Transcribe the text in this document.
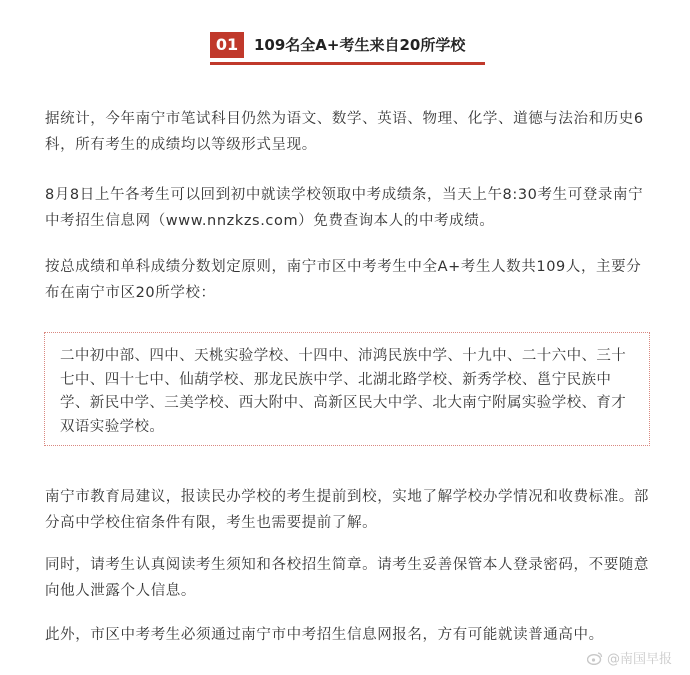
01	109名全A+考生来自20所学校

据统计，今年南宁市笔试科目仍然为语文、数学、英语、物理、化学、道德与法治和历史6科，所有考生的成绩均以等级形式呈现。

8月8日上午各考生可以回到初中就读学校领取中考成绩条，当天上午8:30考生可登录南宁中考招生信息网（www.nnzkzs.com）免费查询本人的中考成绩。

按总成绩和单科成绩分数划定原则，南宁市区中考考生中全A+考生人数共109人，主要分布在南宁市区20所学校：

二中初中部、四中、天桃实验学校、十四中、沛鸿民族中学、十九中、二十六中、三十七中、四十七中、仙葫学校、那龙民族中学、北湖北路学校、新秀学校、邕宁民族中学、新民中学、三美学校、西大附中、高新区民大中学、北大南宁附属实验学校、育才双语实验学校。

南宁市教育局建议，报读民办学校的考生提前到校，实地了解学校办学情况和收费标准。部分高中学校住宿条件有限，考生也需要提前了解。

同时，请考生认真阅读考生须知和各校招生简章。请考生妥善保管本人登录密码，不要随意向他人泄露个人信息。

此外，市区中考考生必须通过南宁市中考招生信息网报名，方有可能就读普通高中。

@南国早报
